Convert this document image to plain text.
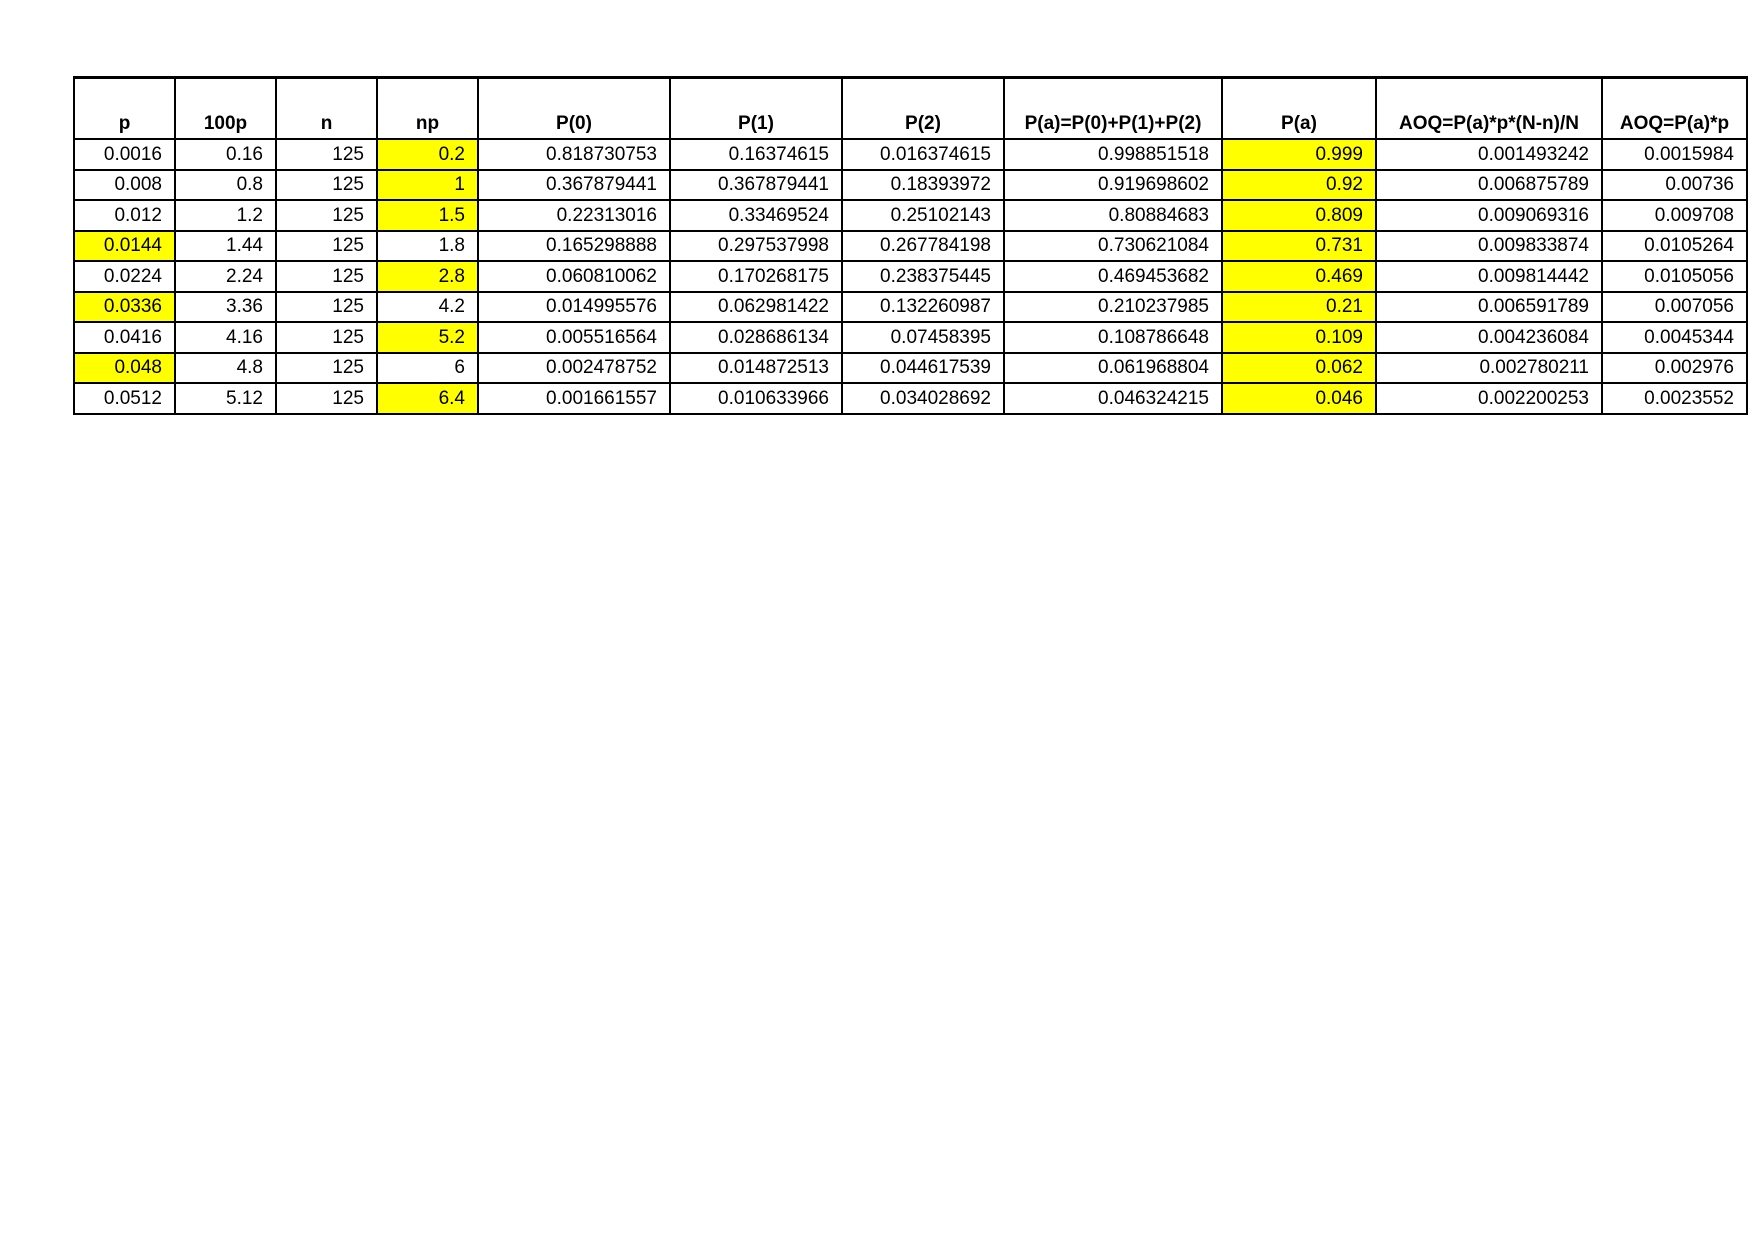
p	100p	n	np	P(0)	P(1)	P(2)	P(a)=P(0)+P(1)+P(2)	P(a)	AOQ=P(a)*p*(N-n)/N	AOQ=P(a)*p
0.0016	0.16	125	0.2	0.818730753	0.16374615	0.016374615	0.998851518	0.999	0.001493242	0.0015984
0.008	0.8	125	1	0.367879441	0.367879441	0.18393972	0.919698602	0.92	0.006875789	0.00736
0.012	1.2	125	1.5	0.22313016	0.33469524	0.25102143	0.80884683	0.809	0.009069316	0.009708
0.0144	1.44	125	1.8	0.165298888	0.297537998	0.267784198	0.730621084	0.731	0.009833874	0.0105264
0.0224	2.24	125	2.8	0.060810062	0.170268175	0.238375445	0.469453682	0.469	0.009814442	0.0105056
0.0336	3.36	125	4.2	0.014995576	0.062981422	0.132260987	0.210237985	0.21	0.006591789	0.007056
0.0416	4.16	125	5.2	0.005516564	0.028686134	0.07458395	0.108786648	0.109	0.004236084	0.0045344
0.048	4.8	125	6	0.002478752	0.014872513	0.044617539	0.061968804	0.062	0.002780211	0.002976
0.0512	5.12	125	6.4	0.001661557	0.010633966	0.034028692	0.046324215	0.046	0.002200253	0.0023552
